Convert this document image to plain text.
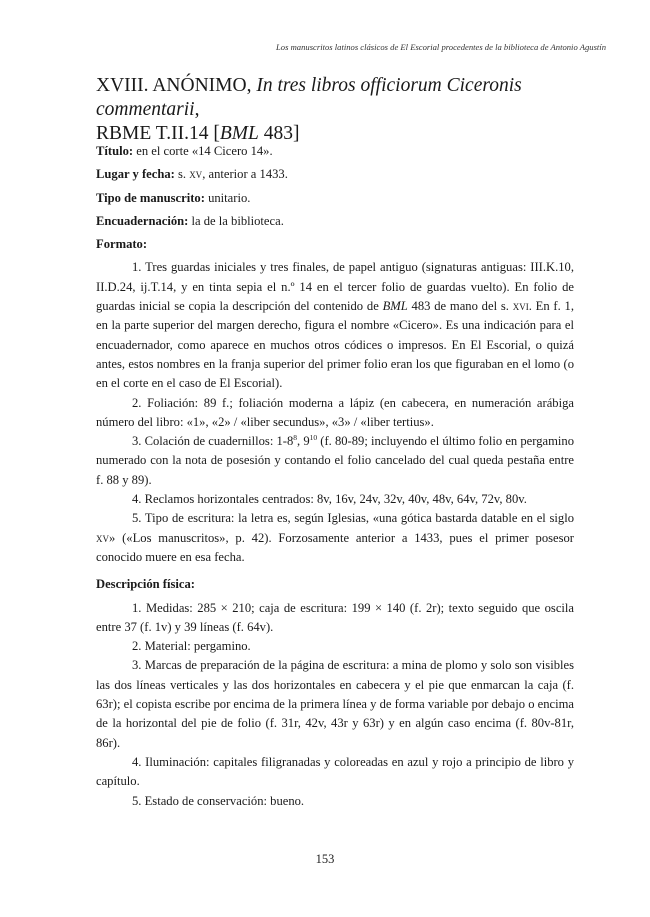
Los manuscritos latinos clásicos de El Escorial procedentes de la biblioteca de Antonio Agustín
XVIII. ANÓNIMO, In tres libros officiorum Ciceronis commentarii,
RBME T.II.14 [BML 483]

Título: en el corte «14 Cicero 14».

Lugar y fecha: s. xv, anterior a 1433.

Tipo de manuscrito: unitario.

Encuadernación: la de la biblioteca.

Formato:

1. Tres guardas iniciales y tres finales, de papel antiguo (signaturas antiguas: III.K.10, II.D.24, ij.T.14, y en tinta sepia el n.º 14 en el tercer folio de guardas vuelto). En folio de guardas inicial se copia la descripción del contenido de BML 483 de mano del s. xvi. En f. 1, en la parte superior del margen derecho, figura el nombre «Cicero». Es una indicación para el encuadernador, como aparece en muchos otros códices o impresos. En El Escorial, o quizá antes, estos nombres en la franja superior del primer folio eran los que figuraban en el lomo (o en el corte en el caso de El Escorial).

2. Foliación: 89 f.; foliación moderna a lápiz (en cabecera, en numeración arábiga número del libro: «1», «2» / «liber secundus», «3» / «liber tertius».

3. Colación de cuadernillos: $1-8^8$, $9^{10}$ (f. 80-89; incluyendo el último folio en pergamino numerado con la nota de posesión y contando el folio cancelado del cual queda pestaña entre f. 88 y 89).

4. Reclamos horizontales centrados: 8v, 16v, 24v, 32v, 40v, 48v, 64v, 72v, 80v.

5. Tipo de escritura: la letra es, según Iglesias, «una gótica bastarda datable en el siglo xv» («Los manuscritos», p. 42). Forzosamente anterior a 1433, pues el primer posesor conocido muere en esa fecha.

Descripción física:

1. Medidas: 285 × 210; caja de escritura: 199 × 140 (f. 2r); texto seguido que oscila entre 37 (f. 1v) y 39 líneas (f. 64v).

2. Material: pergamino.

3. Marcas de preparación de la página de escritura: a mina de plomo y solo son visibles las dos líneas verticales y las dos horizontales en cabecera y el pie que enmarcan la caja (f. 63r); el copista escribe por encima de la primera línea y de forma variable por debajo o encima de la horizontal del pie de folio (f. 31r, 42v, 43r y 63r) y en algún caso encima (f. 80v-81r, 86r).

4. Iluminación: capitales filigranadas y coloreadas en azul y rojo a principio de libro y capítulo.

5. Estado de conservación: bueno.

153
